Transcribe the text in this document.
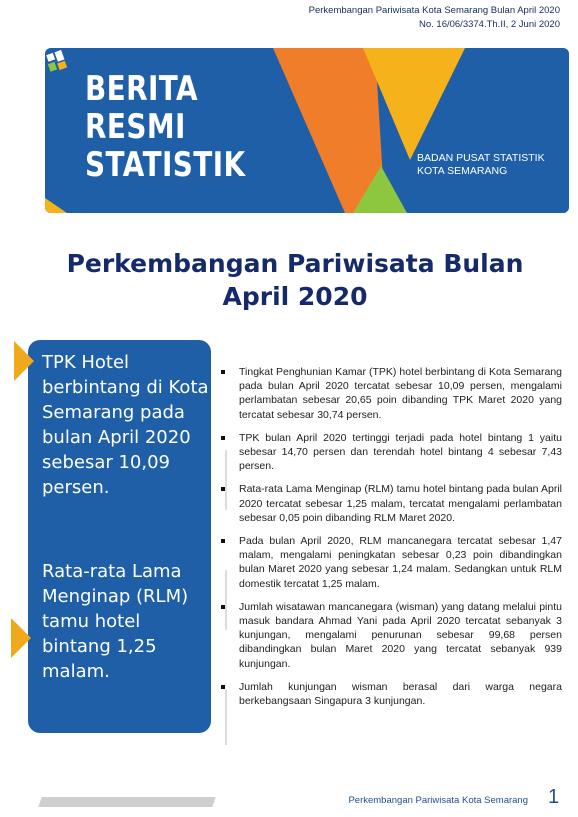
Perkembangan Pariwisata Kota Semarang Bulan April 2020
No. 16/06/3374.Th.II, 2 Juni 2020
BERITA
RESMI
STATISTIK	BADAN PUSAT STATISTIK
KOTA SEMARANG
Perkembangan Pariwisata Bulan
April 2020
TPK Hotel berbintang di Kota Semarang pada bulan April 2020 sebesar 10,09 persen.
Rata-rata Lama Menginap (RLM) tamu hotel bintang 1,25 malam.
Tingkat Penghunian Kamar (TPK) hotel berbintang di Kota Semarang pada bulan April 2020 tercatat sebesar 10,09 persen, mengalami perlambatan sebesar 20,65 poin dibanding TPK Maret 2020 yang tercatat sebesar 30,74 persen.
TPK bulan April 2020 tertinggi terjadi pada hotel bintang 1 yaitu sebesar 14,70 persen dan terendah hotel bintang 4 sebesar 7,43 persen.
Rata-rata Lama Menginap (RLM) tamu hotel bintang pada bulan April 2020 tercatat sebesar 1,25 malam, tercatat mengalami perlambatan sebesar 0,05 poin dibanding RLM Maret 2020.
Pada bulan April 2020, RLM mancanegara tercatat sebesar 1,47 malam, mengalami peningkatan sebesar 0,23 poin dibandingkan bulan Maret 2020 yang sebesar 1,24 malam. Sedangkan untuk RLM domestik tercatat 1,25 malam.
Jumlah wisatawan mancanegara (wisman) yang datang melalui pintu masuk bandara Ahmad Yani pada April 2020 tercatat sebanyak 3 kunjungan, mengalami penurunan sebesar 99,68 persen dibandingkan bulan Maret 2020 yang tercatat sebanyak 939 kunjungan.
Jumlah kunjungan wisman berasal dari warga negara berkebangsaan Singapura 3 kunjungan.
Perkembangan Pariwisata Kota Semarang 1
